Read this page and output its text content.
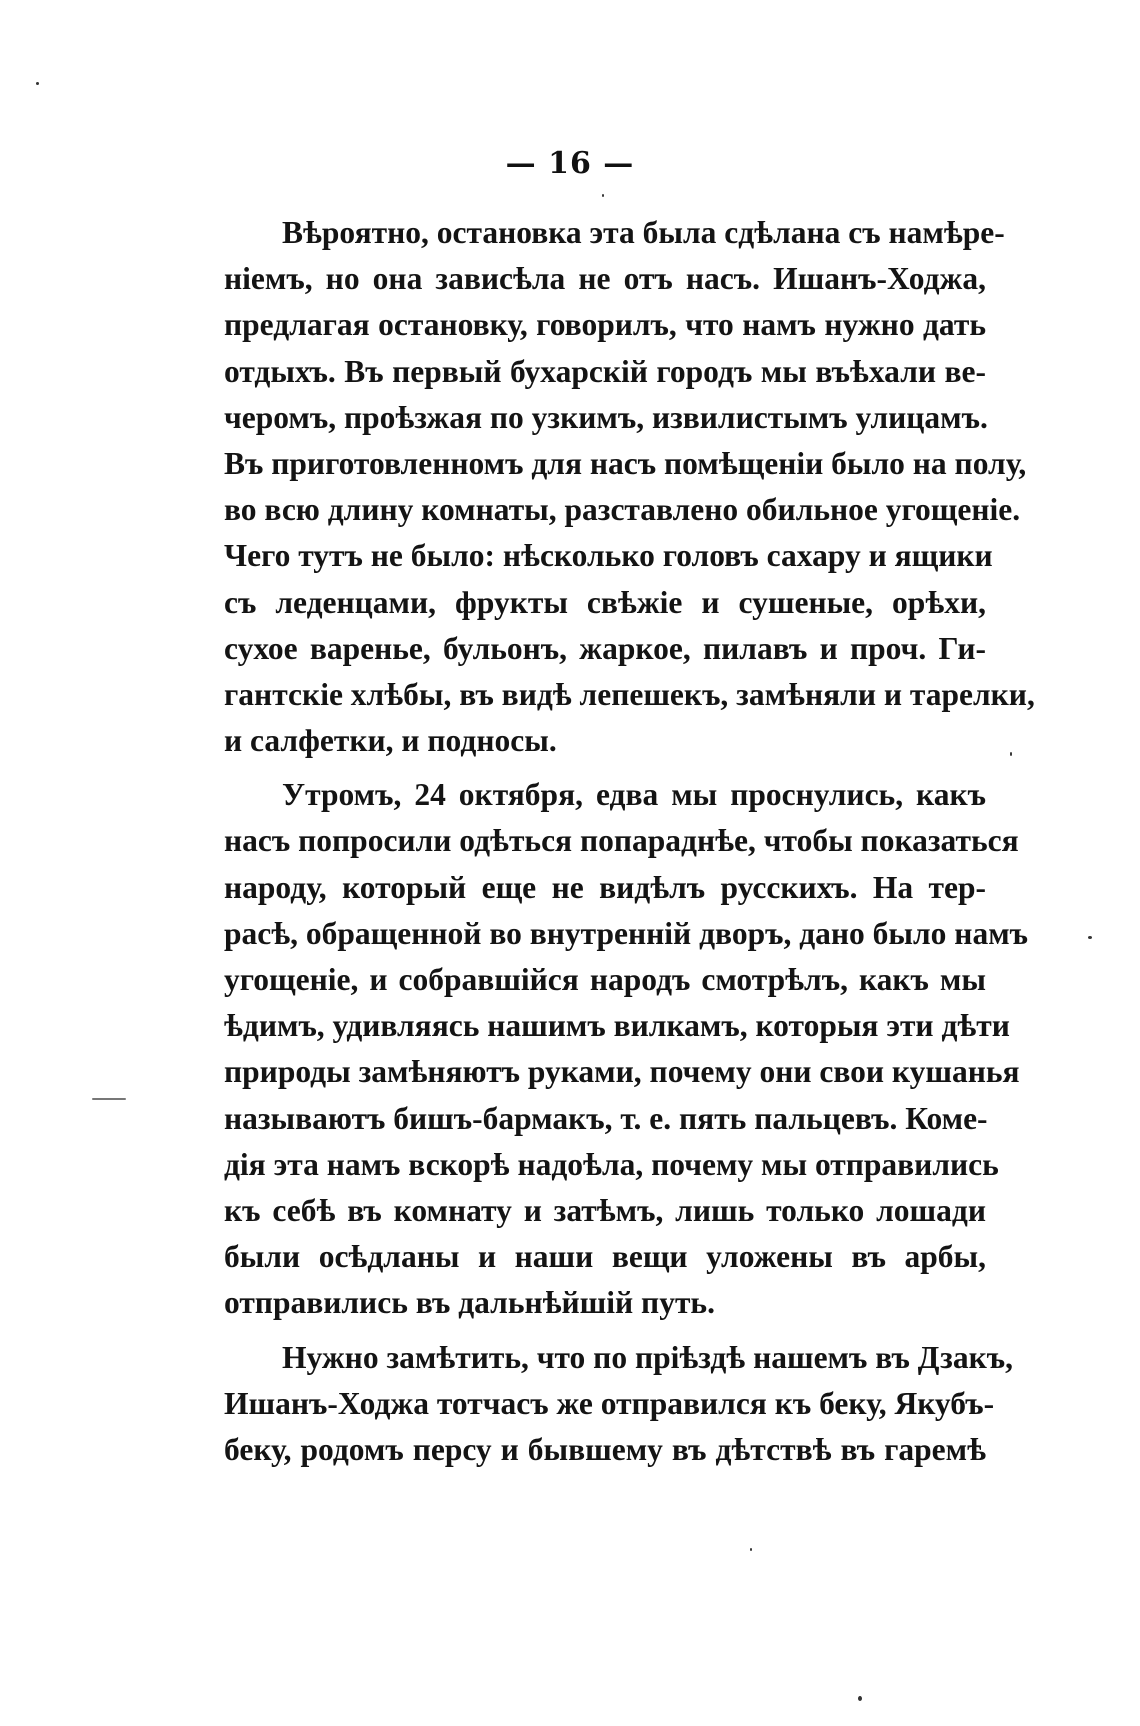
— 16 —
Вѣроятно, остановка эта была сдѣлана съ намѣре-
ніемъ, но она зависѣла не отъ насъ. Ишанъ-Ходжа,
предлагая остановку, говорилъ, что намъ нужно дать
отдыхъ. Въ первый бухарскій городъ мы въѣхали ве-
черомъ, проѣзжая по узкимъ, извилистымъ улицамъ.
Въ приготовленномъ для насъ помѣщеніи было на полу,
во всю длину комнаты, разставлено обильное угощеніе.
Чего тутъ не было: нѣсколько головъ сахару и ящики
съ леденцами, фрукты свѣжіе и сушеные, орѣхи,
сухое варенье, бульонъ, жаркое, пилавъ и проч. Ги-
гантскіе хлѣбы, въ видѣ лепешекъ, замѣняли и тарелки,
и салфетки, и подносы.
Утромъ, 24 октября, едва мы проснулись, какъ
насъ попросили одѣться попараднѣе, чтобы показаться
народу, который еще не видѣлъ русскихъ. На тер-
расѣ, обращенной во внутренній дворъ, дано было намъ
угощеніе, и собравшійся народъ смотрѣлъ, какъ мы
ѣдимъ, удивляясь нашимъ вилкамъ, которыя эти дѣти
природы замѣняютъ руками, почему они свои кушанья
называютъ бишъ-бармакъ, т. е. пять пальцевъ. Коме-
дія эта намъ вскорѣ надоѣла, почему мы отправились
къ себѣ въ комнату и затѣмъ, лишь только лошади
были осѣдланы и наши вещи уложены въ арбы,
отправились въ дальнѣйшій путь.
Нужно замѣтить, что по пріѣздѣ нашемъ въ Дзакъ,
Ишанъ-Ходжа тотчасъ же отправился къ беку, Якубъ-
беку, родомъ персу и бывшему въ дѣтствѣ въ гаремѣ
